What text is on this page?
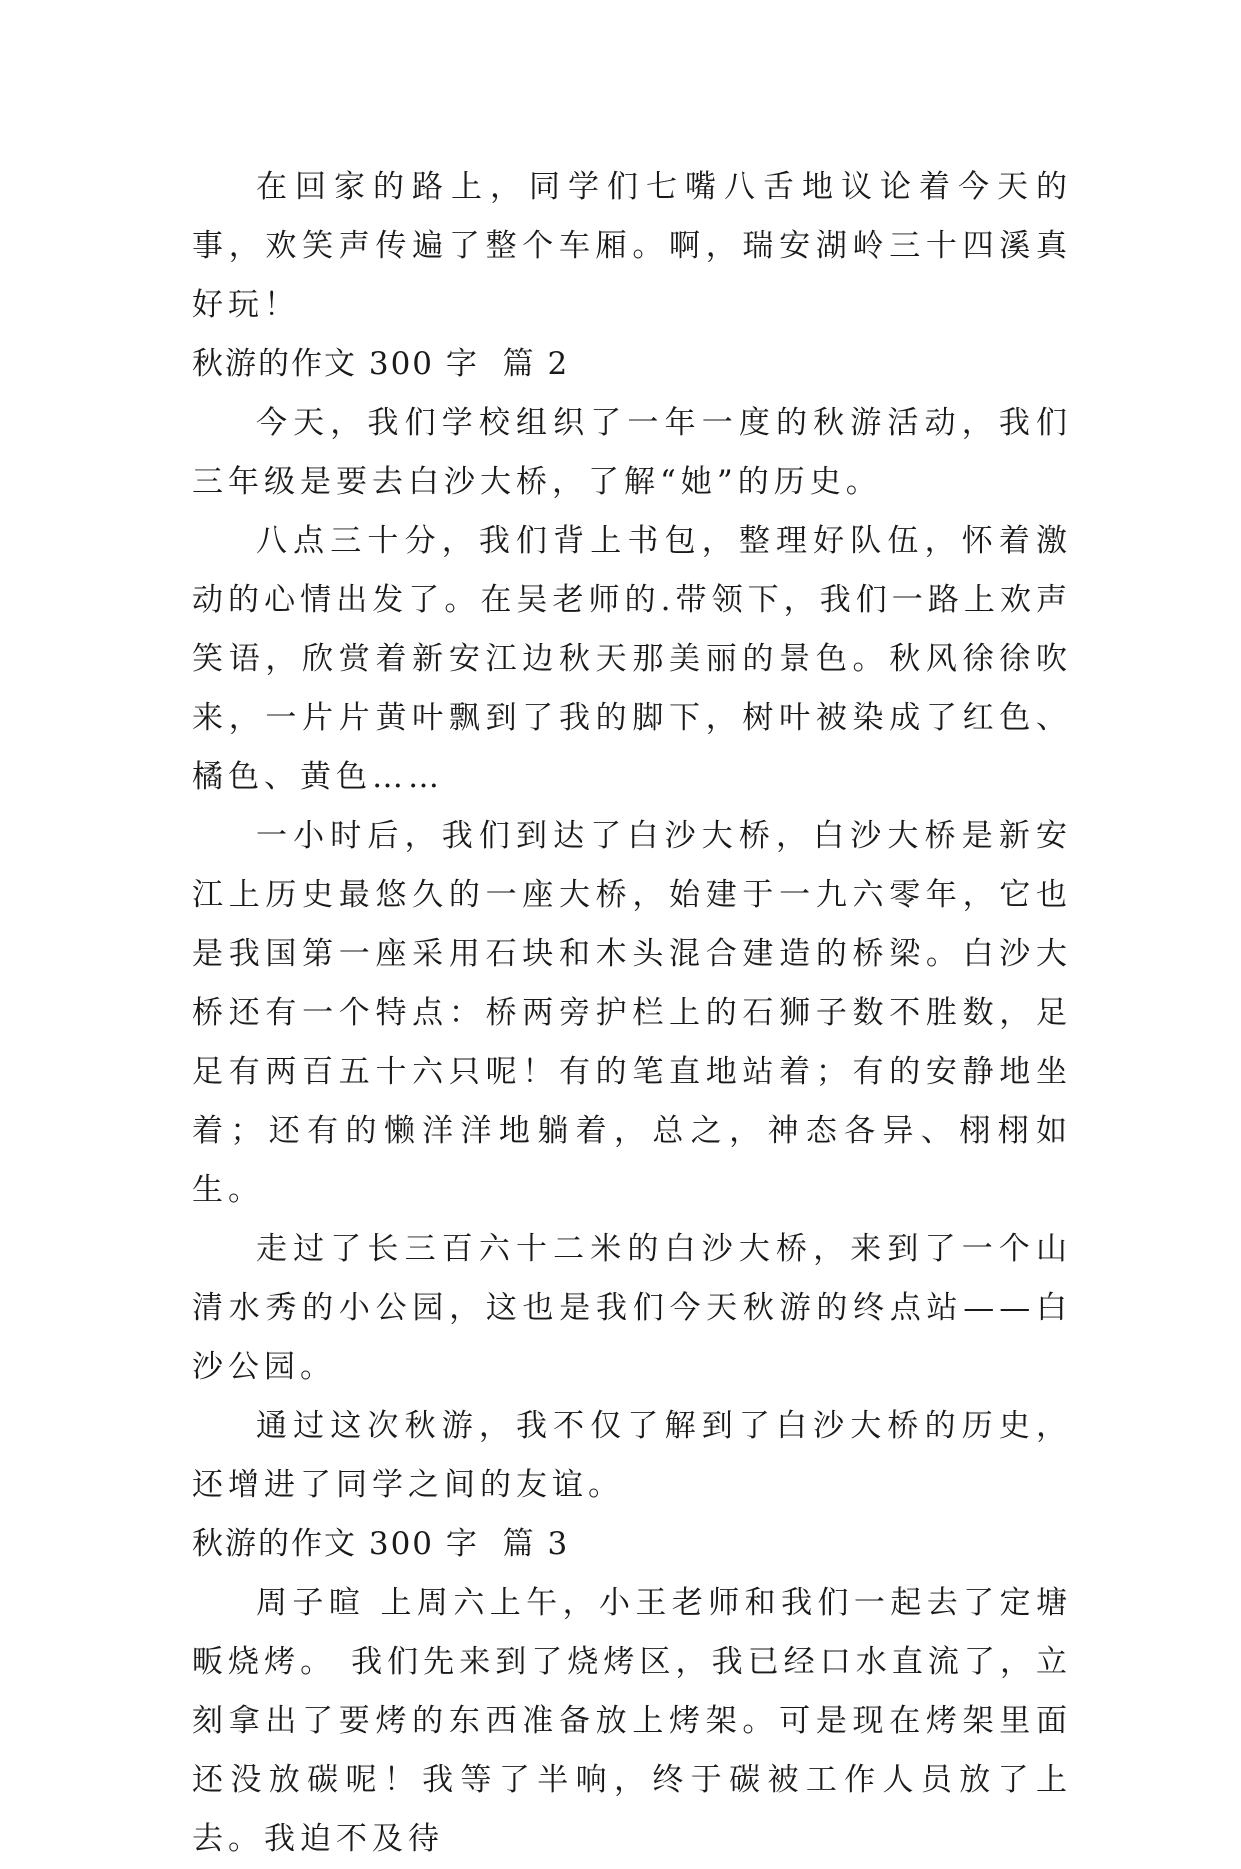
在回家的路上，同学们七嘴八舌地议论着今天的事，欢笑声传遍了整个车厢。啊，瑞安湖岭三十四溪真好玩！

秋游的作文 300 字  篇 2

今天，我们学校组织了一年一度的秋游活动，我们三年级是要去白沙大桥，了解“她”的历史。

八点三十分，我们背上书包，整理好队伍，怀着激动的心情出发了。在吴老师的.带领下，我们一路上欢声笑语，欣赏着新安江边秋天那美丽的景色。秋风徐徐吹来，一片片黄叶飘到了我的脚下，树叶被染成了红色、橘色、黄色……

一小时后，我们到达了白沙大桥，白沙大桥是新安江上历史最悠久的一座大桥，始建于一九六零年，它也是我国第一座采用石块和木头混合建造的桥梁。白沙大桥还有一个特点：桥两旁护栏上的石狮子数不胜数，足足有两百五十六只呢！有的笔直地站着；有的安静地坐着；还有的懒洋洋地躺着，总之，神态各异、栩栩如生。

走过了长三百六十二米的白沙大桥，来到了一个山清水秀的小公园，这也是我们今天秋游的终点站——白沙公园。

通过这次秋游，我不仅了解到了白沙大桥的历史，还增进了同学之间的友谊。

秋游的作文 300 字  篇 3

周子暄 上周六上午，小王老师和我们一起去了定塘畈烧烤。 我们先来到了烧烤区，我已经口水直流了，立刻拿出了要烤的东西准备放上烤架。可是现在烤架里面还没放碳呢！我等了半响，终于碳被工作人员放了上去。我迫不及待
